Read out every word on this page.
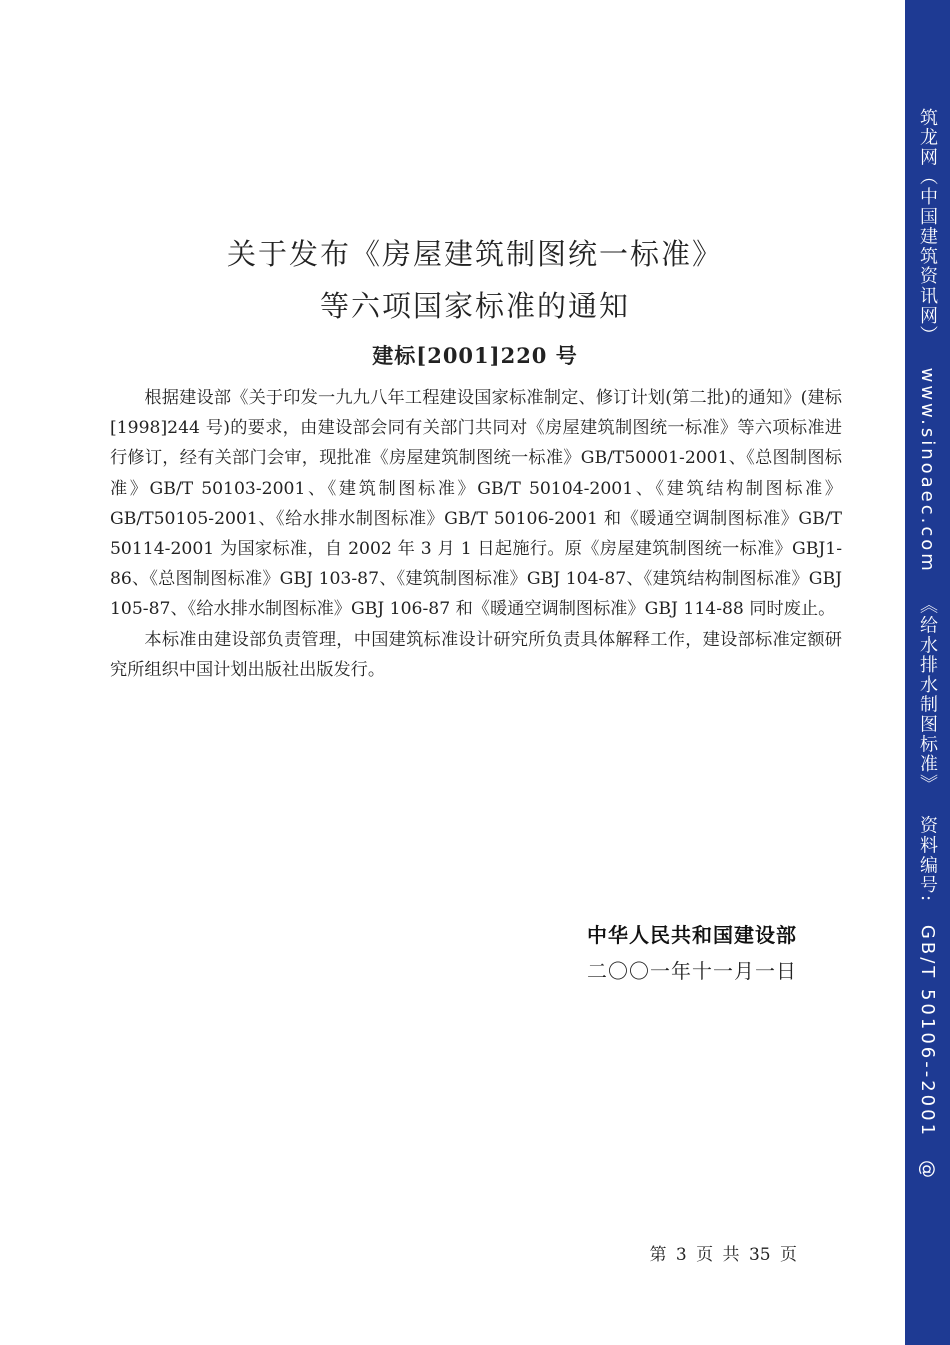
关于发布《房屋建筑制图统一标准》
等六项国家标准的通知
建标[2001]220 号

根据建设部《关于印发一九九八年工程建设国家标准制定、修订计划(第二批)的通知》(建标[1998]244 号)的要求，由建设部会同有关部门共同对《房屋建筑制图统一标准》等六项标准进行修订，经有关部门会审，现批准《房屋建筑制图统一标准》GB/T50001-2001、《总图制图标准》GB/T 50103-2001、《建筑制图标准》GB/T 50104-2001、《建筑结构制图标准》GB/T50105-2001、《给水排水制图标准》GB/T 50106-2001 和《暖通空调制图标准》GB/T 50114-2001 为国家标准，自 2002 年 3 月 1 日起施行。原《房屋建筑制图统一标准》GBJ1-86、《总图制图标准》GBJ 103-87、《建筑制图标准》GBJ 104-87、《建筑结构制图标准》GBJ 105-87、《给水排水制图标准》GBJ 106-87 和《暖通空调制图标准》GBJ 114-88 同时废止。

本标准由建设部负责管理，中国建筑标准设计研究所负责具体解释工作，建设部标准定额研究所组织中国计划出版社出版发行。

中华人民共和国建设部
二〇〇一年十一月一日
第 3 页 共 35 页
筑龙网（中国建筑资讯网）www.sinoaec.com《给水排水制图标准》资料编号:GB/T 50106--2001@
